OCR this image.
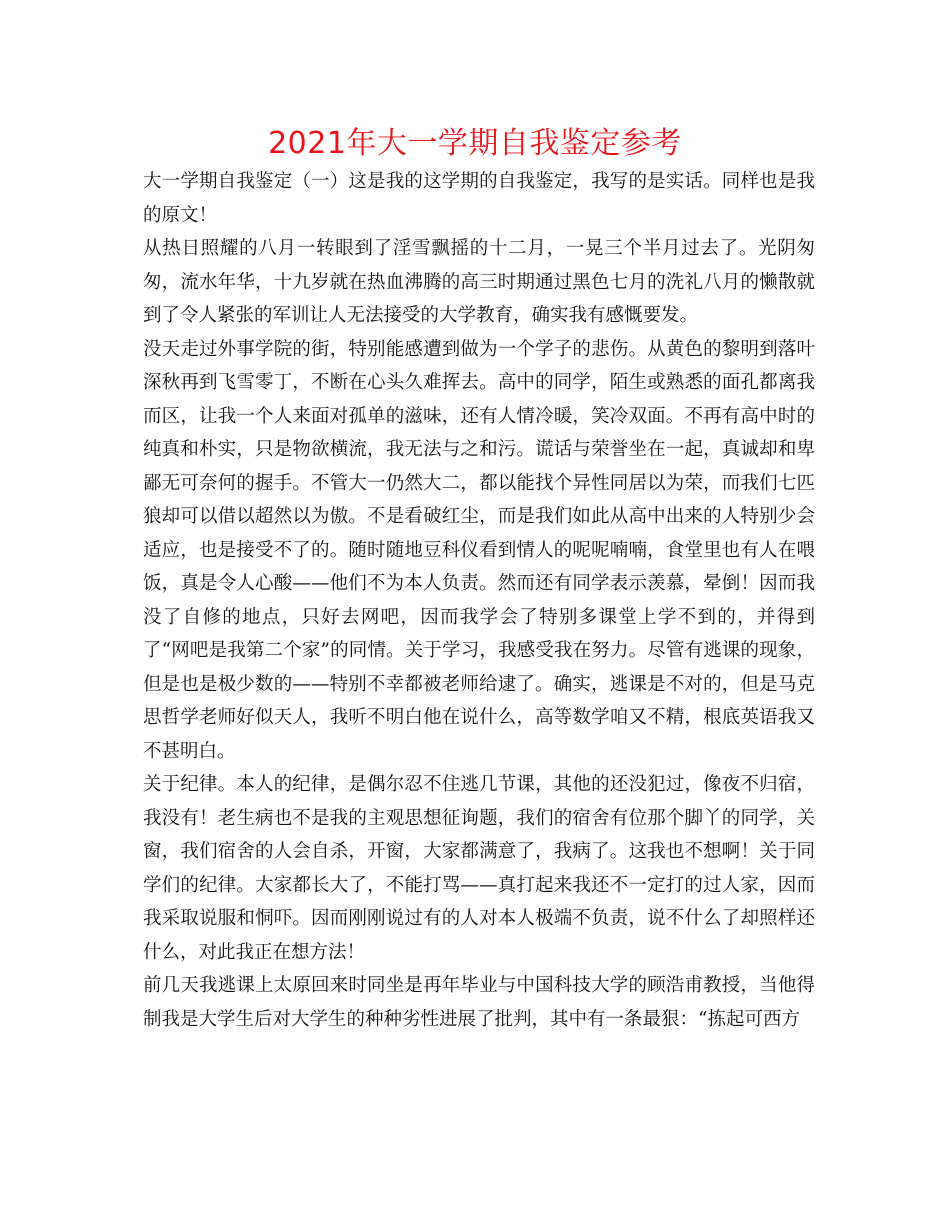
2021年大一学期自我鉴定参考

大一学期自我鉴定（一）这是我的这学期的自我鉴定，我写的是实话。同样也是我的原文！

从热日照耀的八月一转眼到了淫雪飘摇的十二月，一晃三个半月过去了。光阴匆匆，流水年华，十九岁就在热血沸腾的高三时期通过黑色七月的洗礼八月的懒散就到了令人紧张的军训让人无法接受的大学教育，确实我有感慨要发。

没天走过外事学院的街，特别能感遭到做为一个学子的悲伤。从黄色的黎明到落叶深秋再到飞雪零丁，不断在心头久难挥去。高中的同学，陌生或熟悉的面孔都离我而区，让我一个人来面对孤单的滋味，还有人情冷暖，笑冷双面。不再有高中时的纯真和朴实，只是物欲横流，我无法与之和污。谎话与荣誉坐在一起，真诚却和卑鄙无可奈何的握手。不管大一仍然大二，都以能找个异性同居以为荣，而我们七匹狼却可以借以超然以为傲。不是看破红尘，而是我们如此从高中出来的人特别少会适应，也是接受不了的。随时随地豆科仪看到情人的呢呢喃喃，食堂里也有人在喂饭，真是令人心酸——他们不为本人负责。然而还有同学表示羡慕，晕倒！因而我没了自修的地点，只好去网吧，因而我学会了特别多课堂上学不到的，并得到了“网吧是我第二个家”的同情。关于学习，我感受我在努力。尽管有逃课的现象，但是也是极少数的——特别不幸都被老师给逮了。确实，逃课是不对的，但是马克思哲学老师好似天人，我听不明白他在说什么，高等数学咱又不精，根底英语我又不甚明白。

关于纪律。本人的纪律，是偶尔忍不住逃几节课，其他的还没犯过，像夜不归宿，我没有！老生病也不是我的主观思想征询题，我们的宿舍有位那个脚丫的同学，关窗，我们宿舍的人会自杀，开窗，大家都满意了，我病了。这我也不想啊！关于同学们的纪律。大家都长大了，不能打骂——真打起来我还不一定打的过人家，因而我采取说服和恫吓。因而刚刚说过有的人对本人极端不负责，说不什么了却照样还什么，对此我正在想方法！

前几天我逃课上太原回来时同坐是再年毕业与中国科技大学的顾浩甫教授，当他得制我是大学生后对大学生的种种劣性进展了批判，其中有一条最狠：“拣起可西方
